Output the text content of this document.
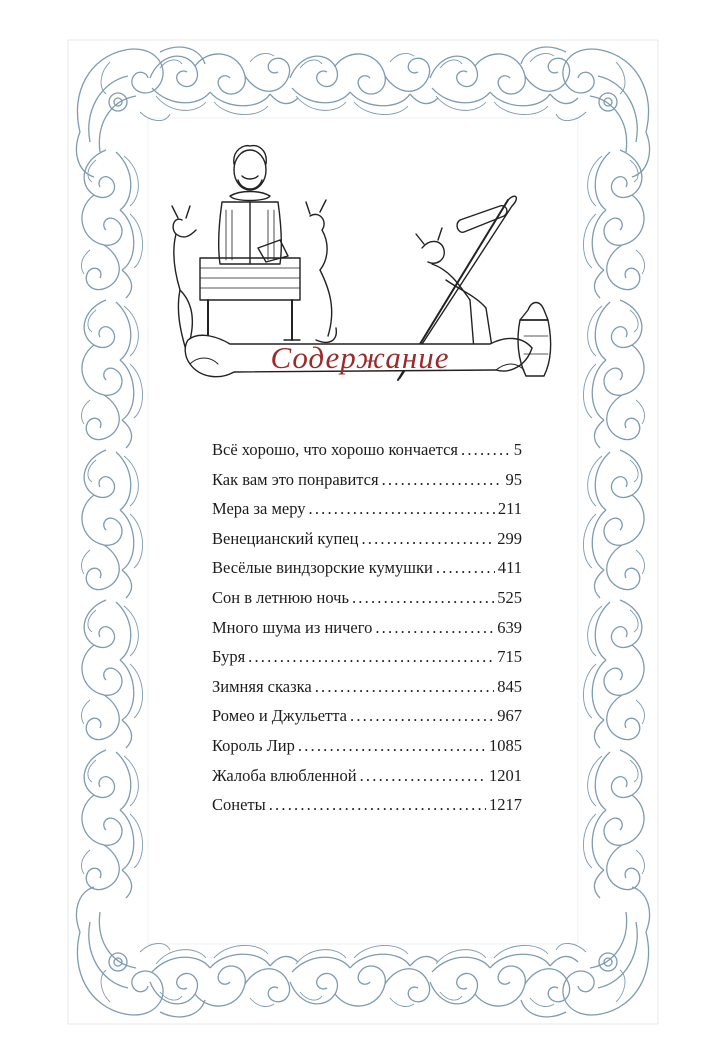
Содержание
Всё хорошо, что хорошо кончается .....	5
Как вам это понравится .....	95
Мера за меру .....	211
Венецианский купец .....	299
Весёлые виндзорские кумушки .....	411
Сон в летнюю ночь .....	525
Много шума из ничего .....	639
Буря .....	715
Зимняя сказка .....	845
Ромео и Джульетта .....	967
Король Лир .....	1085
Жалоба влюбленной .....	1201
Сонеты .....	1217
